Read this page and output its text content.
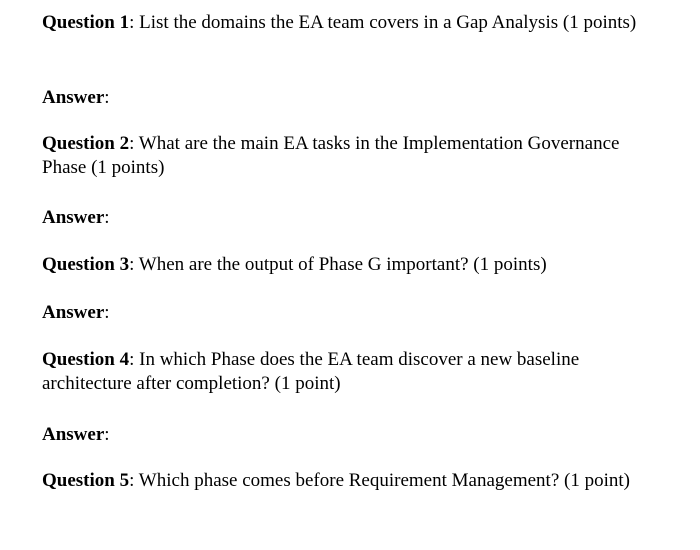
Question 1: List the domains the EA team covers in a Gap Analysis (1 points)
Answer:
Question 2: What are the main EA tasks in the Implementation Governance Phase (1 points)
Answer:
Question 3: When are the output of Phase G important? (1 points)
Answer:
Question 4: In which Phase does the EA team discover a new baseline architecture after completion? (1 point)
Answer:
Question 5: Which phase comes before Requirement Management? (1 point)
